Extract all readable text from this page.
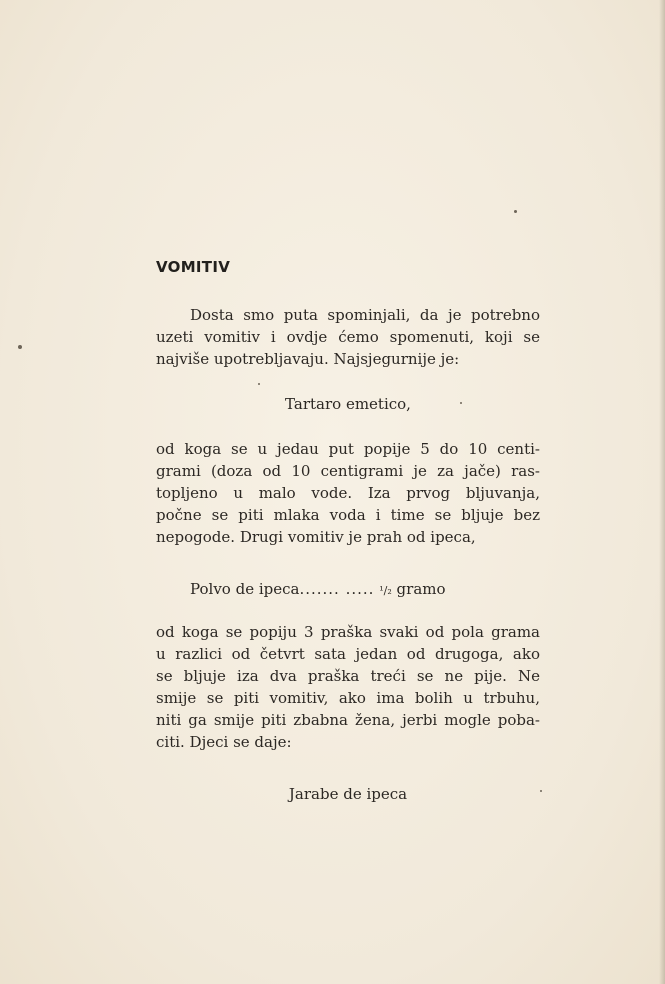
VOMITIV
Dosta smo puta spominjali, da je potrebno
uzeti vomitiv i ovdje ćemo spomenuti, koji se
najviše upotrebljavaju. Najsjegurnije je:
Tartaro emetico,
od koga se u jedau put popije 5 do 10 centi-
grami (doza od 10 centigrami je za jače) ras-
topljeno u malo vode. Iza prvog bljuvanja,
počne se piti mlaka voda i time se bljuje bez
nepogode. Drugi vomitiv je prah od ipeca,
Polvo de ipeca....... ..... ¹/₂ gramo
od koga se popiju 3 praška svaki od pola grama
u razlici od četvrt sata jedan od drugoga, ako
se bljuje iza dva praška treći se ne pije. Ne
smije se piti vomitiv, ako ima bolih u trbuhu,
niti ga smije piti zbabna žena, jerbi mogle poba-
citi. Djeci se daje:
Jarabe de ipeca
